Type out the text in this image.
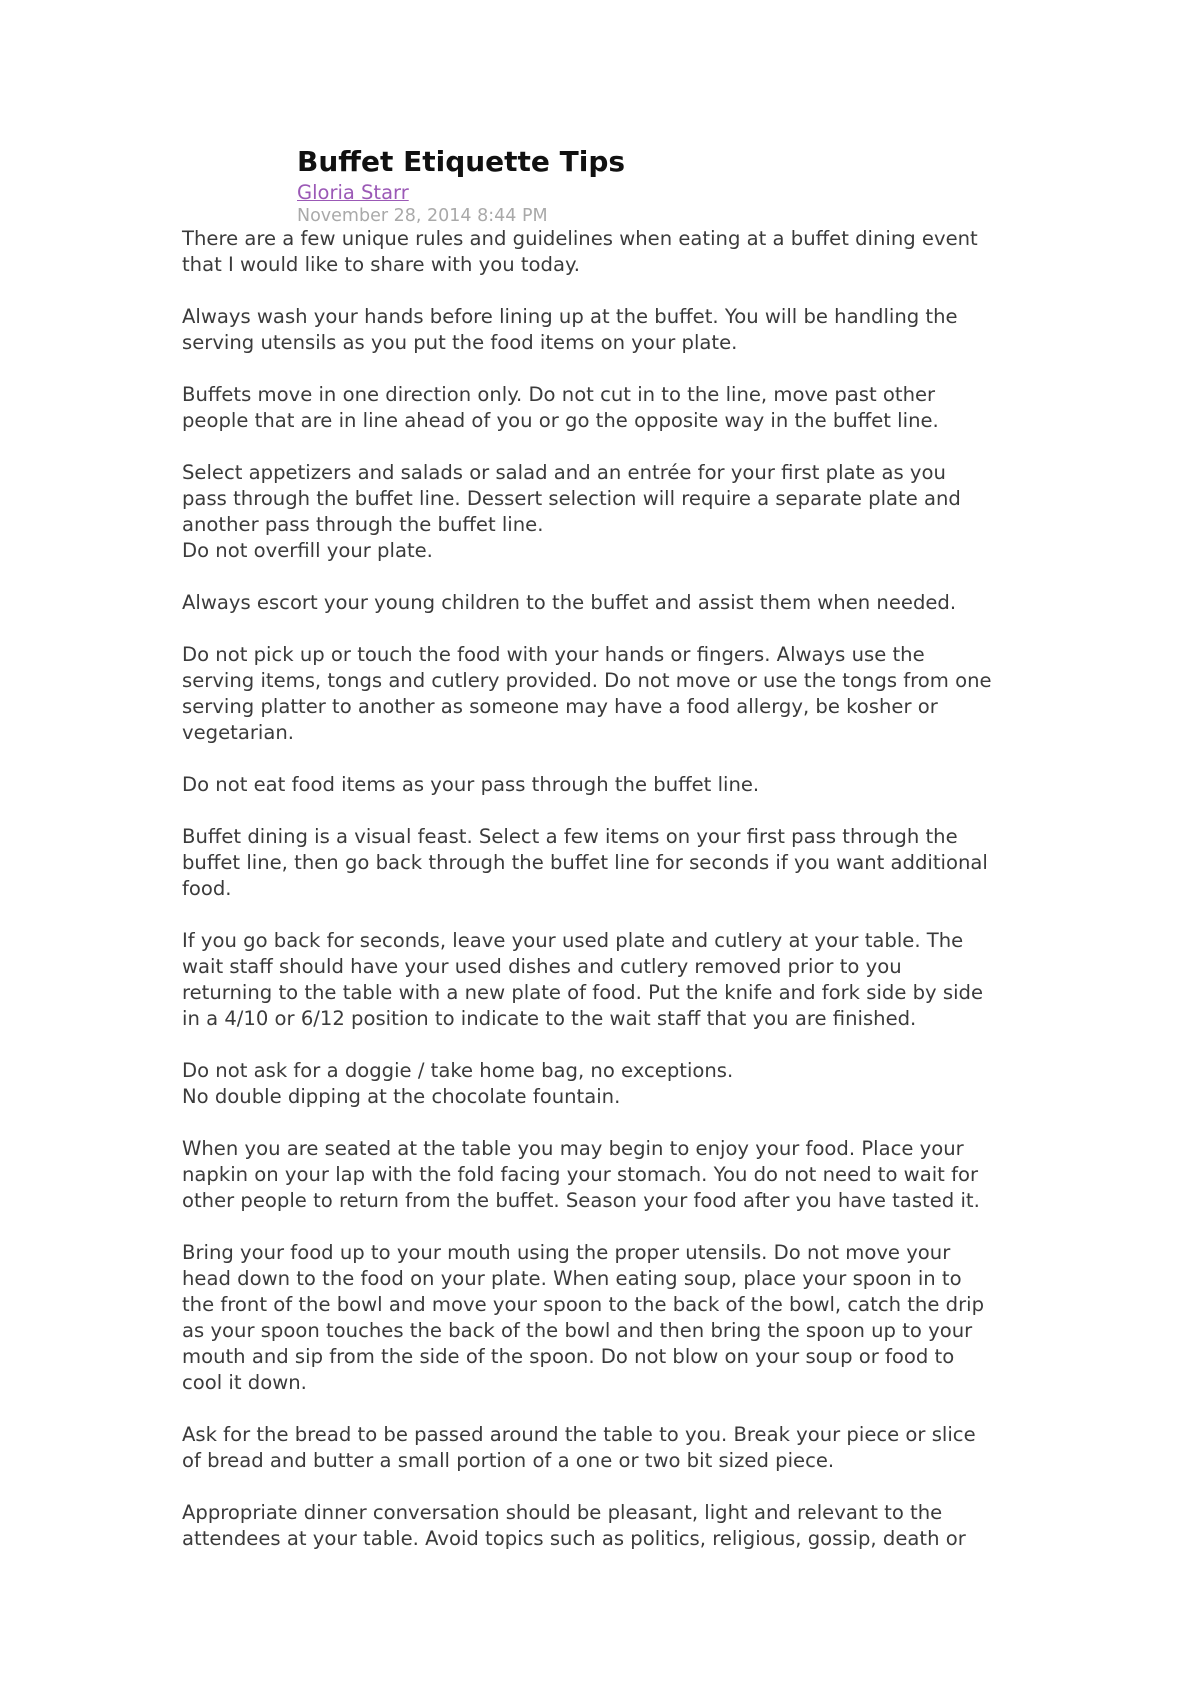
Buffet Etiquette Tips
Gloria Starr
November 28, 2014 8:44 PM

There are a few unique rules and guidelines when eating at a buffet dining event
that I would like to share with you today.

Always wash your hands before lining up at the buffet. You will be handling the
serving utensils as you put the food items on your plate.

Buffets move in one direction only. Do not cut in to the line, move past other
people that are in line ahead of you or go the opposite way in the buffet line.

Select appetizers and salads or salad and an entrée for your first plate as you
pass through the buffet line. Dessert selection will require a separate plate and
another pass through the buffet line.
Do not overfill your plate.

Always escort your young children to the buffet and assist them when needed.

Do not pick up or touch the food with your hands or fingers. Always use the
serving items, tongs and cutlery provided. Do not move or use the tongs from one
serving platter to another as someone may have a food allergy, be kosher or
vegetarian.

Do not eat food items as your pass through the buffet line.

Buffet dining is a visual feast. Select a few items on your first pass through the
buffet line, then go back through the buffet line for seconds if you want additional
food.

If you go back for seconds, leave your used plate and cutlery at your table. The
wait staff should have your used dishes and cutlery removed prior to you
returning to the table with a new plate of food. Put the knife and fork side by side
in a 4/10 or 6/12 position to indicate to the wait staff that you are finished.

Do not ask for a doggie / take home bag, no exceptions.
No double dipping at the chocolate fountain.

When you are seated at the table you may begin to enjoy your food. Place your
napkin on your lap with the fold facing your stomach. You do not need to wait for
other people to return from the buffet. Season your food after you have tasted it.

Bring your food up to your mouth using the proper utensils. Do not move your
head down to the food on your plate. When eating soup, place your spoon in to
the front of the bowl and move your spoon to the back of the bowl, catch the drip
as your spoon touches the back of the bowl and then bring the spoon up to your
mouth and sip from the side of the spoon. Do not blow on your soup or food to
cool it down.

Ask for the bread to be passed around the table to you. Break your piece or slice
of bread and butter a small portion of a one or two bit sized piece.

Appropriate dinner conversation should be pleasant, light and relevant to the
attendees at your table. Avoid topics such as politics, religious, gossip, death or
